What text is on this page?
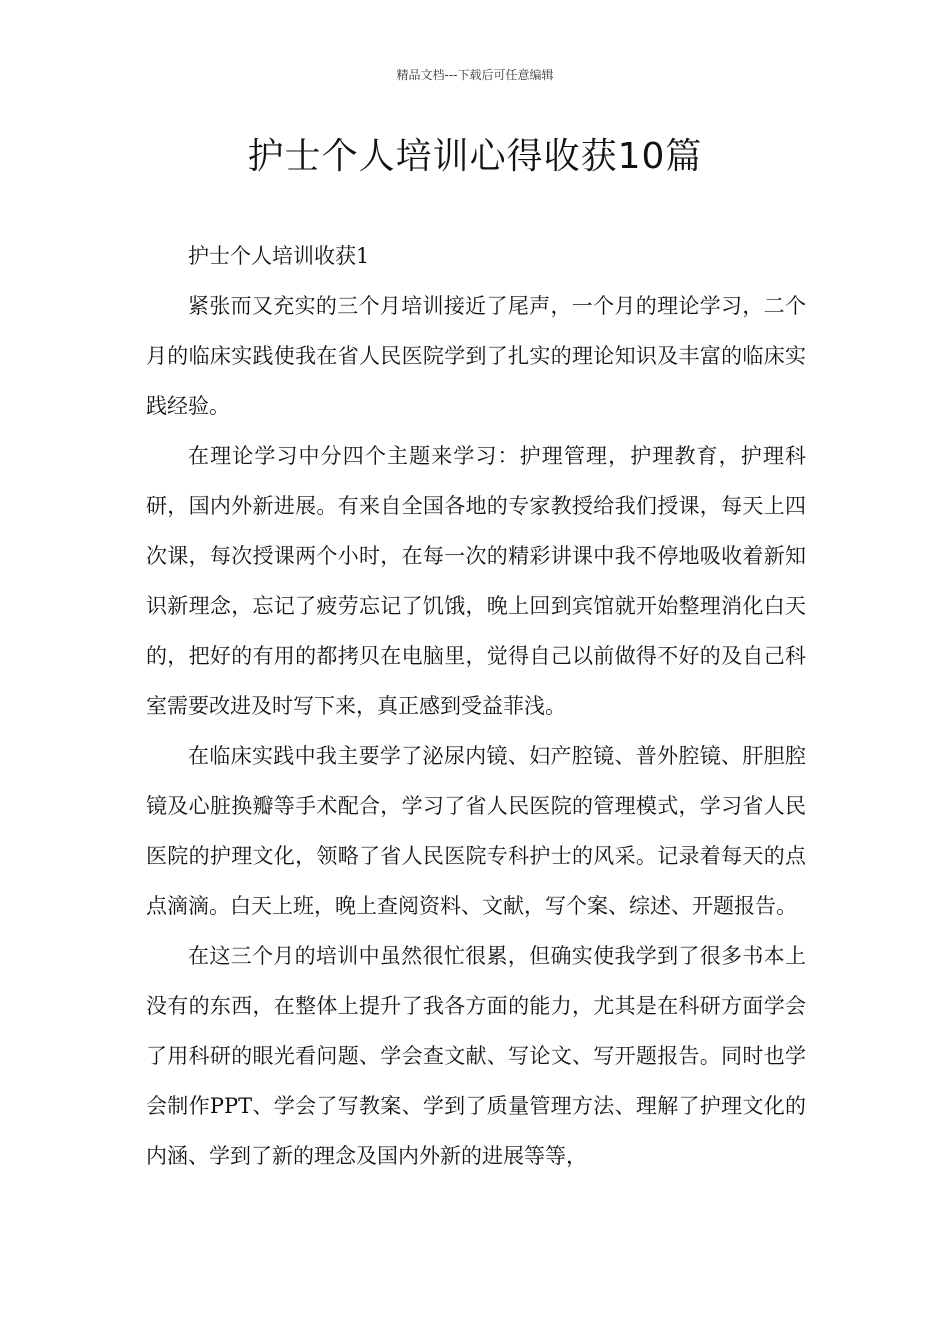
精品文档---下载后可任意编辑
护士个人培训心得收获10篇

护士个人培训收获1

紧张而又充实的三个月培训接近了尾声，一个月的理论学习，二个月的临床实践使我在省人民医院学到了扎实的理论知识及丰富的临床实践经验。

在理论学习中分四个主题来学习：护理管理，护理教育，护理科研，国内外新进展。有来自全国各地的专家教授给我们授课，每天上四次课，每次授课两个小时，在每一次的精彩讲课中我不停地吸收着新知识新理念，忘记了疲劳忘记了饥饿，晚上回到宾馆就开始整理消化白天的，把好的有用的都拷贝在电脑里，觉得自己以前做得不好的及自己科室需要改进及时写下来，真正感到受益菲浅。

在临床实践中我主要学了泌尿内镜、妇产腔镜、普外腔镜、肝胆腔镜及心脏换瓣等手术配合，学习了省人民医院的管理模式，学习省人民医院的护理文化，领略了省人民医院专科护士的风采。记录着每天的点点滴滴。白天上班，晚上查阅资料、文献，写个案、综述、开题报告。

在这三个月的培训中虽然很忙很累，但确实使我学到了很多书本上没有的东西，在整体上提升了我各方面的能力，尤其是在科研方面学会了用科研的眼光看问题、学会查文献、写论文、写开题报告。同时也学会制作PPT、学会了写教案、学到了质量管理方法、理解了护理文化的内涵、学到了新的理念及国内外新的进展等等，
